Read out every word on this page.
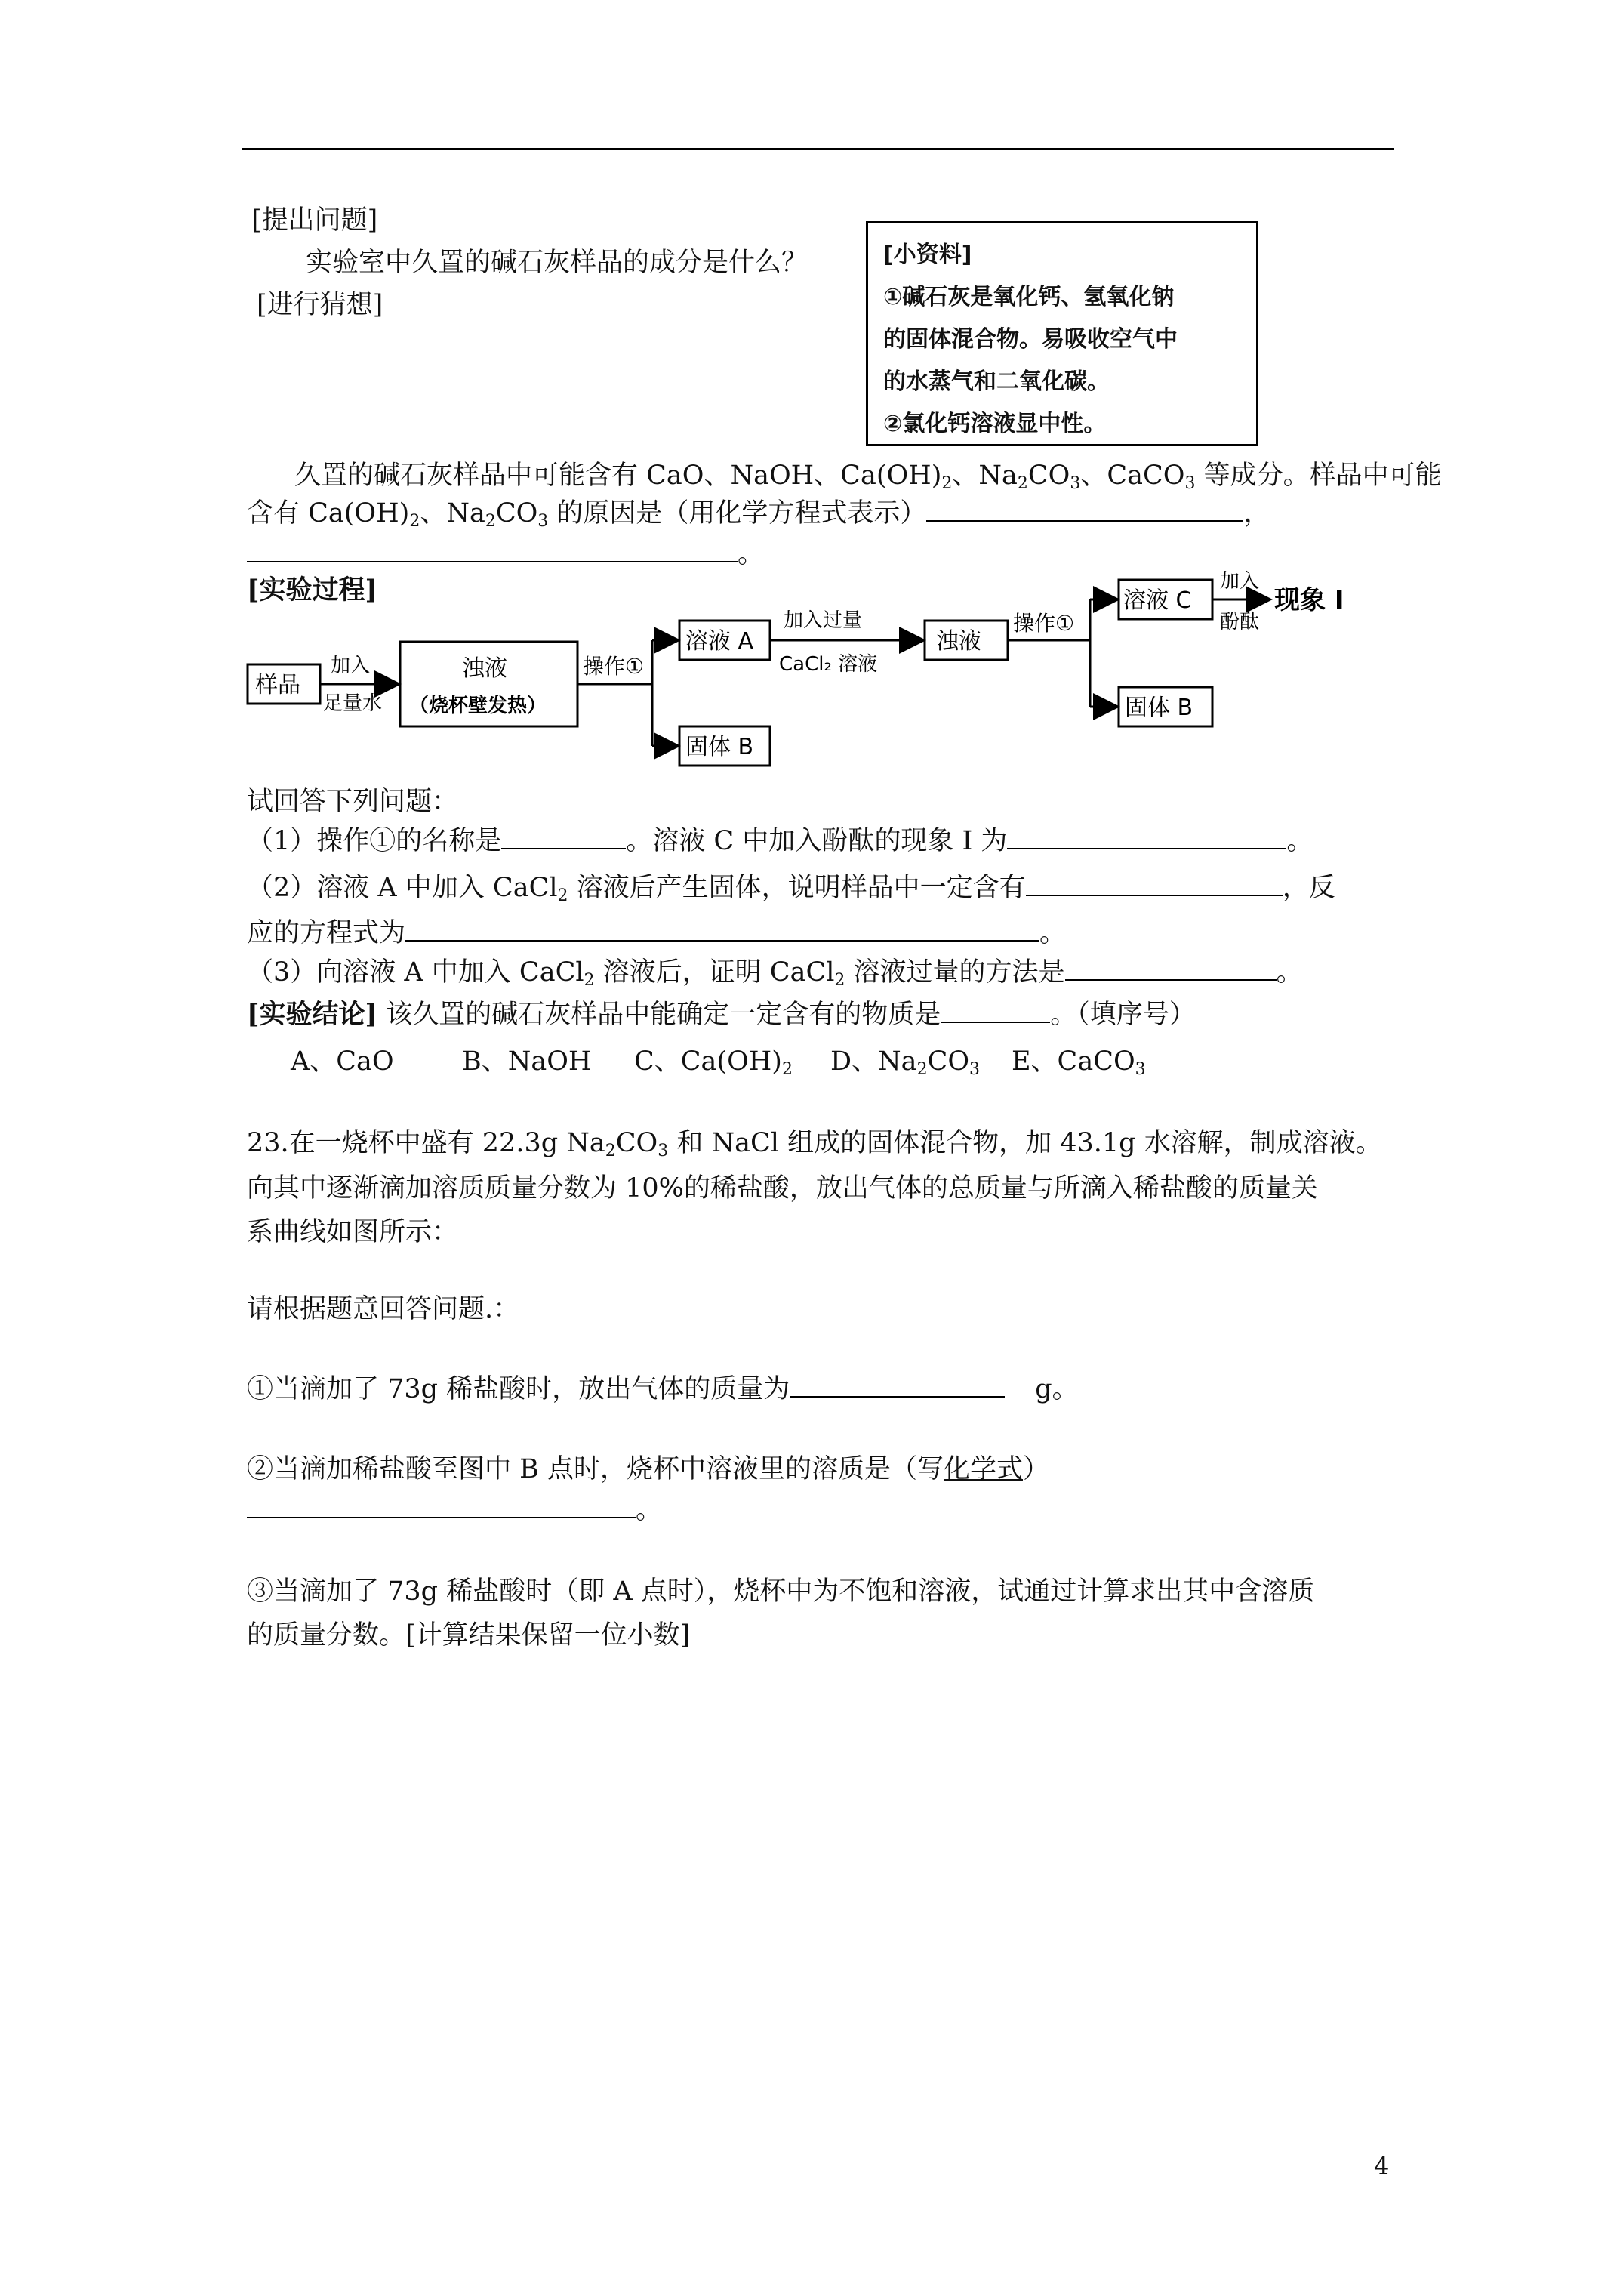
[提出问题]
实验室中久置的碱石灰样品的成分是什么？
[进行猜想]
[小资料]
①碱石灰是氧化钙、氢氧化钠
的固体混合物。易吸收空气中
的水蒸气和二氧化碳。
②氯化钙溶液显中性。
久置的碱石灰样品中可能含有 CaO、NaOH、$Ca(OH)_2$、$Na_2CO_3$、CaCO$_3$ 等成分。样品中可能
含有 $Ca(OH)_2$、$Na_2CO_3$ 的原因是（用化学方程式表示）	，
。
[实验过程]
样品
加入
足量水
浊液
（烧杯壁发热）
操作①
溶液 A
固体 B
加入过量
CaCl₂ 溶液
浊液
操作①
溶液 C
固体 B
加入
酚酞
现象 I
试回答下列问题：
（1）操作①的名称是	。溶液 C 中加入酚酞的现象 I 为	。
（2）溶液 A 中加入 CaCl$_2$ 溶液后产生固体，说明样品中一定含有	，反
应的方程式为	。
（3）向溶液 A 中加入 CaCl$_2$ 溶液后，证明 CaCl$_2$ 溶液过量的方法是	。
[实验结论] 该久置的碱石灰样品中能确定一定含有的物质是	。（填序号）
A、CaO	B、NaOH C、$Ca(OH)_2$ D、$Na_2CO_3$ E、CaCO$_3$
23.在一烧杯中盛有 22.3g $Na_2CO_3$ 和 NaCl 组成的固体混合物，加 43.1g 水溶解，制成溶液。
向其中逐渐滴加溶质质量分数为 10%的稀盐酸，放出气体的总质量与所滴入稀盐酸的质量关
系曲线如图所示：
请根据题意回答问题.：
①当滴加了 73g 稀盐酸时，放出气体的质量为	g。
②当滴加稀盐酸至图中 B 点时，烧杯中溶液里的溶质是（写化学式）
。
③当滴加了 73g 稀盐酸时（即 A 点时），烧杯中为不饱和溶液，试通过计算求出其中含溶质
的质量分数。[计算结果保留一位小数]
4
